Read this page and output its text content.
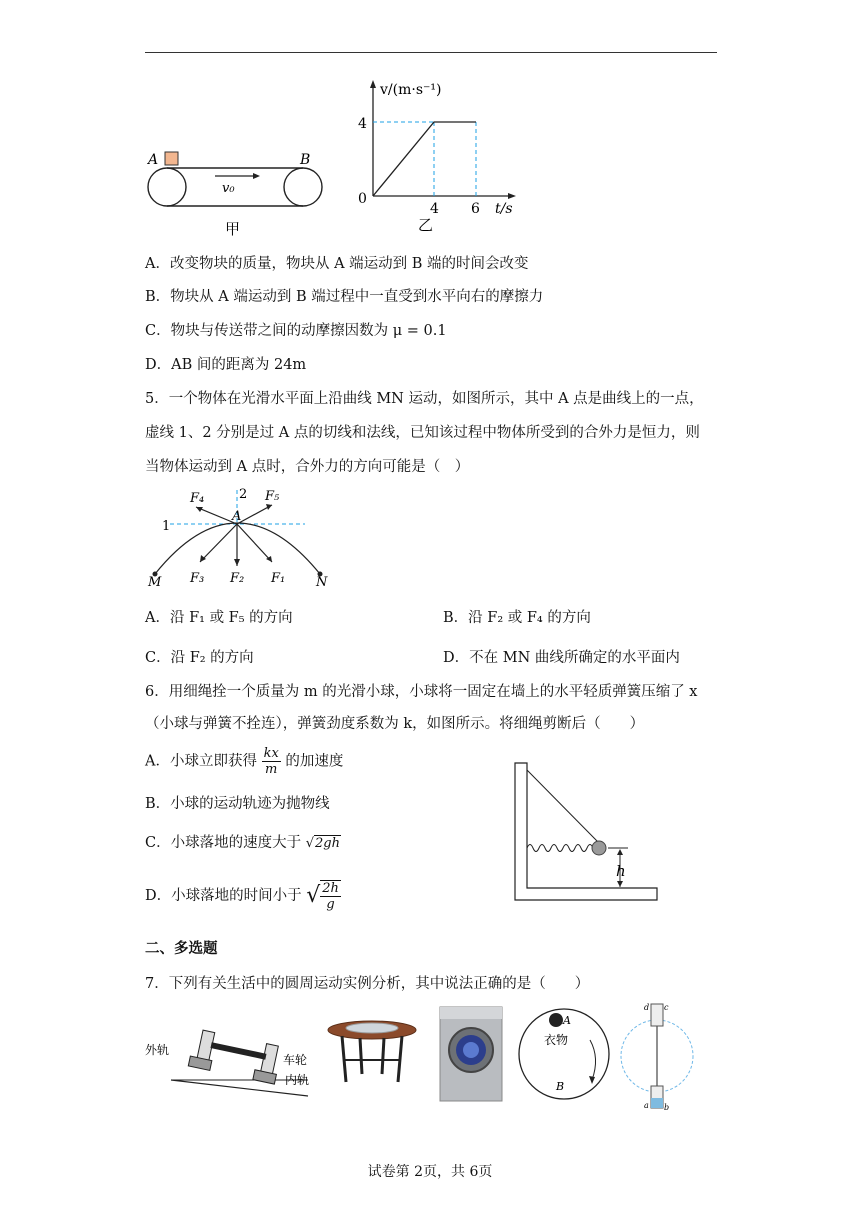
A	B
v₀
甲
v/(m·s⁻¹)
t/s
0
4
4 6
乙
A．改变物块的质量，物块从 A 端运动到 B 端的时间会改变
B．物块从 A 端运动到 B 端过程中一直受到水平向右的摩擦力
C．物块与传送带之间的动摩擦因数为 μ = 0.1
D．AB 间的距离为 24m
5．一个物体在光滑水平面上沿曲线 MN 运动，如图所示，其中 A 点是曲线上的一点，
虚线 1、2 分别是过 A 点的切线和法线，已知该过程中物体所受到的合外力是恒力，则
当物体运动到 A 点时，合外力的方向可能是（　）
F₄	F₅
2
1
A
F₃ F₂ F₁
M	N
A．沿 F₁ 或 F₅ 的方向	B．沿 F₂ 或 F₄ 的方向
C．沿 F₂ 的方向	D．不在 MN 曲线所确定的水平面内
6．用细绳拴一个质量为 m 的光滑小球，小球将一固定在墙上的水平轻质弹簧压缩了 x
（小球与弹簧不拴连），弹簧劲度系数为 k，如图所示。将细绳剪断后（　　）
A．小球立即获得 $\frac{kx}{m}$ 的加速度
B．小球的运动轨迹为抛物线
C．小球落地的速度大于 √2gh
D．小球落地的时间小于 √ $\frac{2h}{g}$
h
二、多选题
7．下列有关生活中的圆周运动实例分析，其中说法正确的是（　　）
外轨
车轮
内轨
A
衣物
B
d c
a b
试卷第 2页，共 6页
